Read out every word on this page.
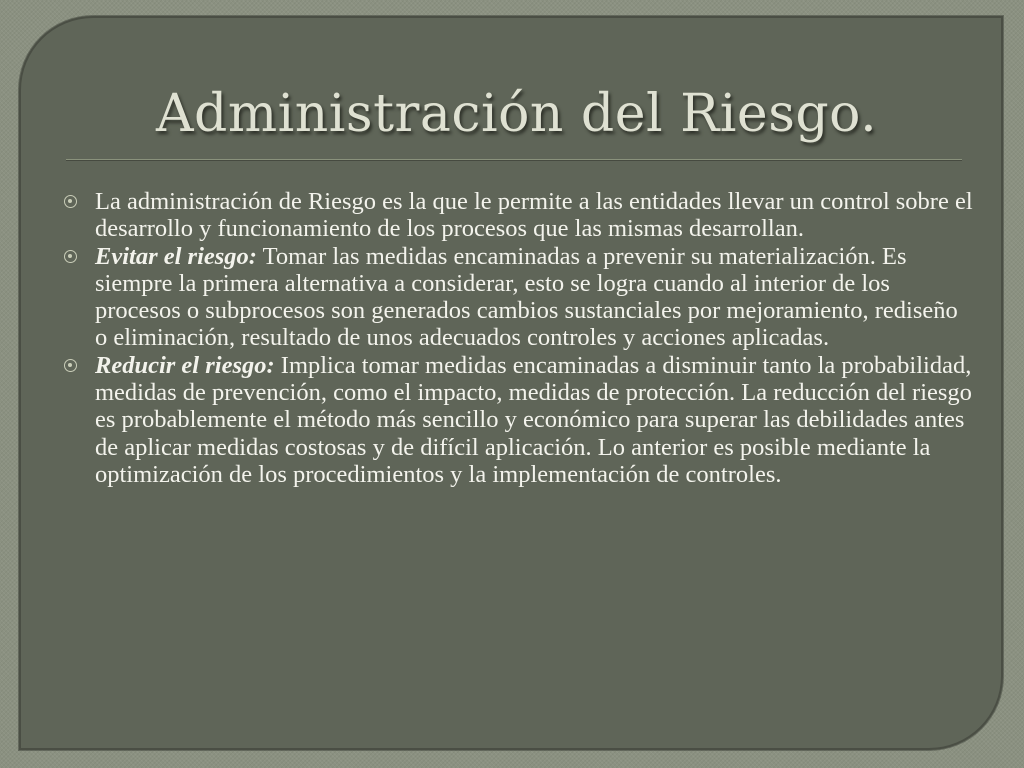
Administración del Riesgo.
La administración de Riesgo es la que le permite a las entidades llevar un control sobre el desarrollo y funcionamiento de los procesos que las mismas desarrollan.
Evitar el riesgo: Tomar las medidas encaminadas a prevenir su materialización. Es siempre la primera alternativa a considerar, esto se logra cuando al interior de los procesos o subprocesos son generados cambios sustanciales por mejoramiento, rediseño o eliminación, resultado de unos adecuados controles y acciones aplicadas.
Reducir el riesgo: Implica tomar medidas encaminadas a disminuir tanto la probabilidad, medidas de prevención, como el impacto, medidas de protección. La reducción del riesgo es probablemente el método más sencillo y económico para superar las debilidades antes de aplicar medidas costosas y de difícil aplicación. Lo anterior es posible mediante la optimización de los procedimientos y la implementación de controles.
